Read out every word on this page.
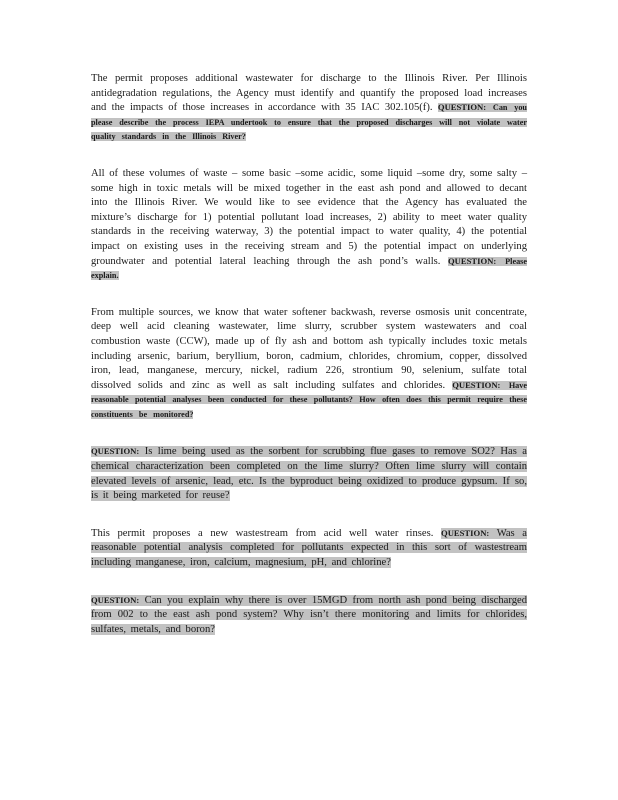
The permit proposes additional wastewater for discharge to the Illinois River. Per Illinois antidegradation regulations, the Agency must identify and quantify the proposed load increases and the impacts of those increases in accordance with 35 IAC 302.105(f). QUESTION: Can you please describe the process IEPA undertook to ensure that the proposed discharges will not violate water quality standards in the Illinois River?
All of these volumes of waste – some basic –some acidic, some liquid –some dry, some salty –some high in toxic metals will be mixed together in the east ash pond and allowed to decant into the Illinois River. We would like to see evidence that the Agency has evaluated the mixture’s discharge for 1) potential pollutant load increases, 2) ability to meet water quality standards in the receiving waterway, 3) the potential impact to water quality, 4) the potential impact on existing uses in the receiving stream and 5) the potential impact on underlying groundwater and potential lateral leaching through the ash pond’s walls. QUESTION: Please explain.
From multiple sources, we know that water softener backwash, reverse osmosis unit concentrate, deep well acid cleaning wastewater, lime slurry, scrubber system wastewaters and coal combustion waste (CCW), made up of fly ash and bottom ash typically includes toxic metals including arsenic, barium, beryllium, boron, cadmium, chlorides, chromium, copper, dissolved iron, lead, manganese, mercury, nickel, radium 226, strontium 90, selenium, sulfate total dissolved solids and zinc as well as salt including sulfates and chlorides. QUESTION: Have reasonable potential analyses been conducted for these pollutants? How often does this permit require these constituents be monitored?
QUESTION: Is lime being used as the sorbent for scrubbing flue gases to remove SO2? Has a chemical characterization been completed on the lime slurry? Often lime slurry will contain elevated levels of arsenic, lead, etc. Is the byproduct being oxidized to produce gypsum. If so, is it being marketed for reuse?
This permit proposes a new wastestream from acid well water rinses. QUESTION: Was a reasonable potential analysis completed for pollutants expected in this sort of wastestream including manganese, iron, calcium, magnesium, pH, and chlorine?
QUESTION: Can you explain why there is over 15MGD from north ash pond being discharged from 002 to the east ash pond system? Why isn’t there monitoring and limits for chlorides, sulfates, metals, and boron?
